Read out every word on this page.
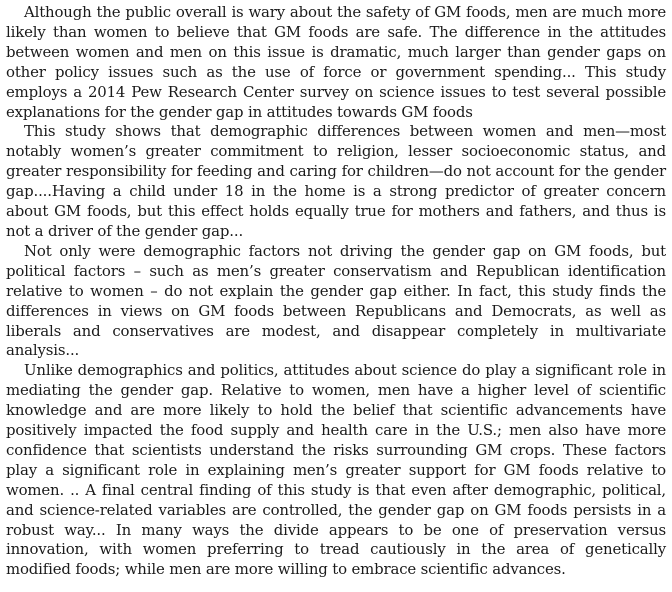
Although the public overall is wary about the safety of GM foods, men are much more likely than women to believe that GM foods are safe. The difference in the attitudes between women and men on this issue is dramatic, much larger than gender gaps on other policy issues such as the use of force or government spending... This study employs a 2014 Pew Research Center survey on science issues to test several possible explanations for the gender gap in attitudes towards GM foods

This study shows that demographic differences between women and men—most notably women’s greater commitment to religion, lesser socioeconomic status, and greater responsibility for feeding and caring for children—do not account for the gender gap....Having a child under 18 in the home is a strong predictor of greater concern about GM foods, but this effect holds equally true for mothers and fathers, and thus is not a driver of the gender gap...

Not only were demographic factors not driving the gender gap on GM foods, but political factors – such as men’s greater conservatism and Republican identification relative to women – do not explain the gender gap either. In fact, this study finds the differences in views on GM foods between Republicans and Democrats, as well as liberals and conservatives are modest, and disappear completely in multivariate analysis...

Unlike demographics and politics, attitudes about science do play a significant role in mediating the gender gap. Relative to women, men have a higher level of scientific knowledge and are more likely to hold the belief that scientific advancements have positively impacted the food supply and health care in the U.S.; men also have more confidence that scientists understand the risks surrounding GM crops. These factors play a significant role in explaining men’s greater support for GM foods relative to women. .. A final central finding of this study is that even after demographic, political, and science-related variables are controlled, the gender gap on GM foods persists in a robust way... In many ways the divide appears to be one of preservation versus innovation, with women preferring to tread cautiously in the area of genetically modified foods; while men are more willing to embrace scientific advances.
